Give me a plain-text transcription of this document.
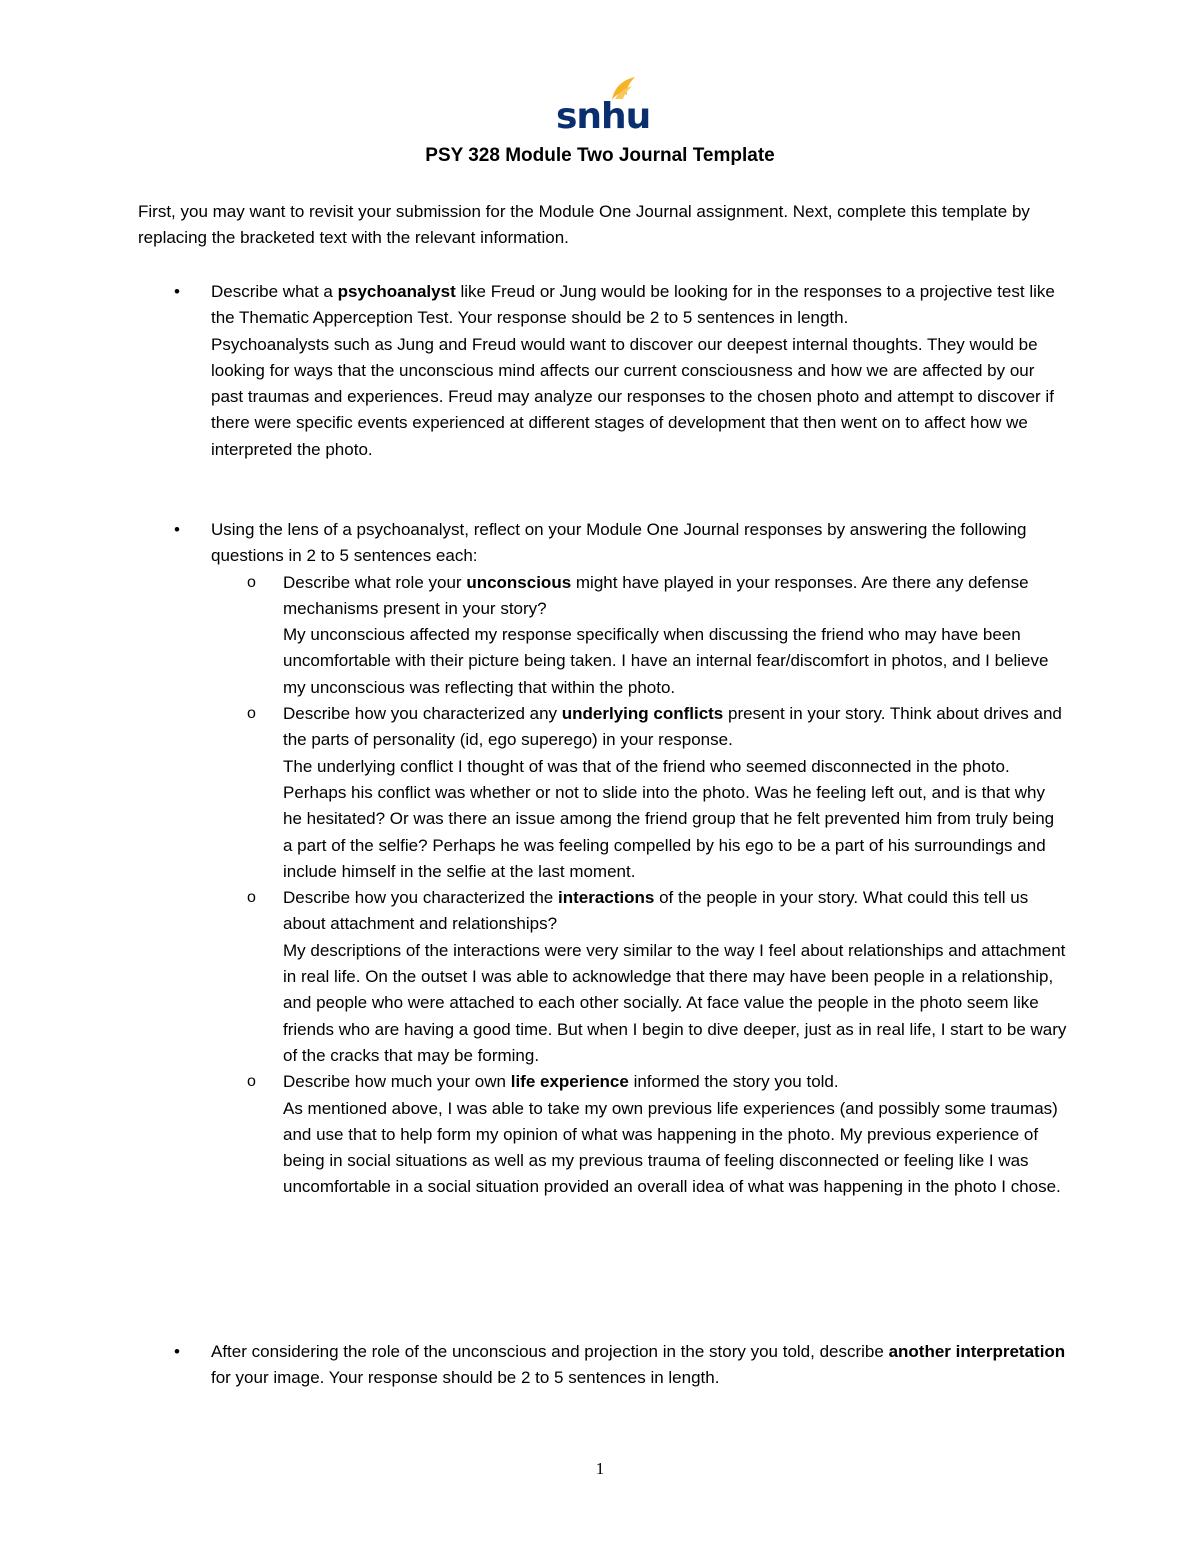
snhu
PSY 328 Module Two Journal Template

First, you may want to revisit your submission for the Module One Journal assignment. Next, complete this template by replacing the bracketed text with the relevant information.

• Describe what a psychoanalyst like Freud or Jung would be looking for in the responses to a projective test like the Thematic Apperception Test. Your response should be 2 to 5 sentences in length.
Psychoanalysts such as Jung and Freud would want to discover our deepest internal thoughts. They would be looking for ways that the unconscious mind affects our current consciousness and how we are affected by our past traumas and experiences. Freud may analyze our responses to the chosen photo and attempt to discover if there were specific events experienced at different stages of development that then went on to affect how we interpreted the photo.
• Using the lens of a psychoanalyst, reflect on your Module One Journal responses by answering the following questions in 2 to 5 sentences each:
o Describe what role your unconscious might have played in your responses. Are there any defense mechanisms present in your story?
My unconscious affected my response specifically when discussing the friend who may have been uncomfortable with their picture being taken. I have an internal fear/discomfort in photos, and I believe my unconscious was reflecting that within the photo.
o Describe how you characterized any underlying conflicts present in your story. Think about drives and the parts of personality (id, ego superego) in your response.
The underlying conflict I thought of was that of the friend who seemed disconnected in the photo. Perhaps his conflict was whether or not to slide into the photo. Was he feeling left out, and is that why he hesitated? Or was there an issue among the friend group that he felt prevented him from truly being a part of the selfie? Perhaps he was feeling compelled by his ego to be a part of his surroundings and include himself in the selfie at the last moment.
o Describe how you characterized the interactions of the people in your story. What could this tell us about attachment and relationships?
My descriptions of the interactions were very similar to the way I feel about relationships and attachment in real life. On the outset I was able to acknowledge that there may have been people in a relationship, and people who were attached to each other socially. At face value the people in the photo seem like friends who are having a good time. But when I begin to dive deeper, just as in real life, I start to be wary of the cracks that may be forming.
o Describe how much your own life experience informed the story you told.
As mentioned above, I was able to take my own previous life experiences (and possibly some traumas) and use that to help form my opinion of what was happening in the photo. My previous experience of being in social situations as well as my previous trauma of feeling disconnected or feeling like I was uncomfortable in a social situation provided an overall idea of what was happening in the photo I chose.
• After considering the role of the unconscious and projection in the story you told, describe another interpretation for your image. Your response should be 2 to 5 sentences in length.
1
